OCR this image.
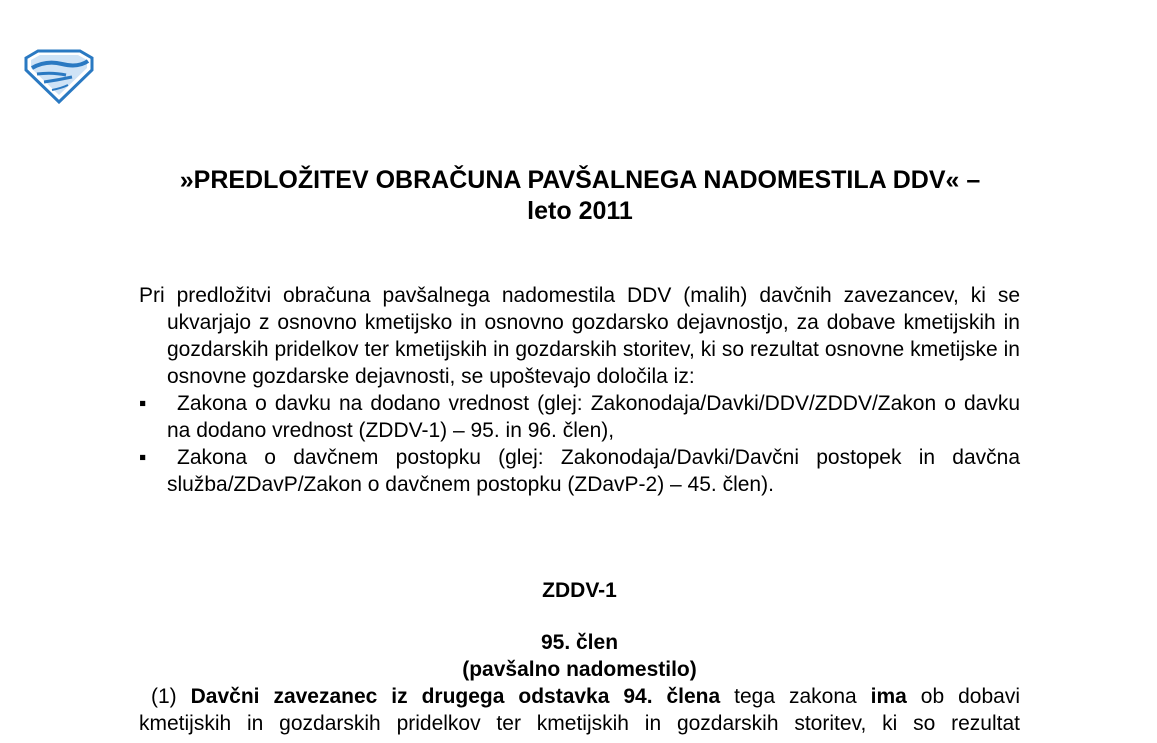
»PREDLOŽITEV OBRAČUNA PAVŠALNEGA NADOMESTILA DDV« –
leto 2011

Pri predložitvi obračuna pavšalnega nadomestila DDV (malih) davčnih zavezancev, ki se ukvarjajo z osnovno kmetijsko in osnovno gozdarsko dejavnostjo, za dobave kmetijskih in gozdarskih pridelkov ter kmetijskih in gozdarskih storitev, ki so rezultat osnovne kmetijske in osnovne gozdarske dejavnosti, se upoštevajo določila iz:

▪ Zakona o davku na dodano vrednost (glej: Zakonodaja/Davki/DDV/ZDDV/Zakon o davku na dodano vrednost (ZDDV-1) – 95. in 96. člen),
▪ Zakona o davčnem postopku (glej: Zakonodaja/Davki/Davčni postopek in davčna služba/ZDavP/Zakon o davčnem postopku (ZDavP-2) – 45. člen).
ZDDV-1
95. člen
(pavšalno nadomestilo)
(1) Davčni zavezanec iz drugega odstavka 94. člena tega zakona ima ob dobavi kmetijskih in gozdarskih pridelkov ter kmetijskih in gozdarskih storitev, ki so rezultat
